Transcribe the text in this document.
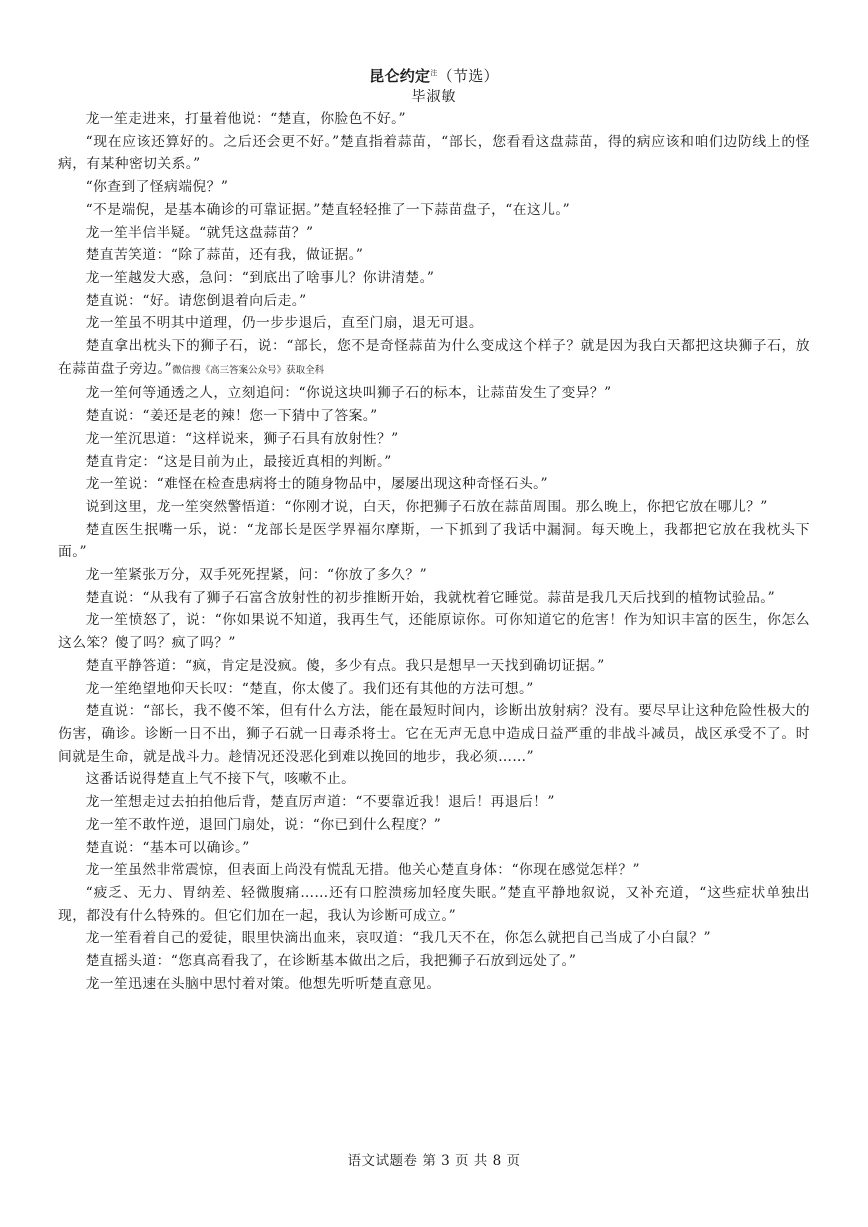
昆仑约定$^注$（节选）
毕淑敏

龙一笙走进来，打量着他说：“楚直，你脸色不好。”

“现在应该还算好的。之后还会更不好。”楚直指着蒜苗，“部长，您看看这盘蒜苗，得的病应该和咱们边防线上的怪病，有某种密切关系。”

“你查到了怪病端倪？”

“不是端倪，是基本确诊的可靠证据。”楚直轻轻推了一下蒜苗盘子，“在这儿。”

龙一笙半信半疑。“就凭这盘蒜苗？”

楚直苦笑道：“除了蒜苗，还有我，做证据。”

龙一笙越发大惑，急问：“到底出了啥事儿？你讲清楚。”

楚直说：“好。请您倒退着向后走。”

龙一笙虽不明其中道理，仍一步步退后，直至门扇，退无可退。

楚直拿出枕头下的狮子石，说：“部长，您不是奇怪蒜苗为什么变成这个样子？就是因为我白天都把这块狮子石，放在蒜苗盘子旁边。”微信搜《高三答案公众号》获取全科

龙一笙何等通透之人，立刻追问：“你说这块叫狮子石的标本，让蒜苗发生了变异？”

楚直说：“姜还是老的辣！您一下猜中了答案。”

龙一笙沉思道：“这样说来，狮子石具有放射性？”

楚直肯定：“这是目前为止，最接近真相的判断。”

龙一笙说：“难怪在检查患病将士的随身物品中，屡屡出现这种奇怪石头。”

说到这里，龙一笙突然警悟道：“你刚才说，白天，你把狮子石放在蒜苗周围。那么晚上，你把它放在哪儿？”

楚直医生抿嘴一乐，说：“龙部长是医学界福尔摩斯，一下抓到了我话中漏洞。每天晚上，我都把它放在我枕头下面。”

龙一笙紧张万分，双手死死捏紧，问：“你放了多久？”

楚直说：“从我有了狮子石富含放射性的初步推断开始，我就枕着它睡觉。蒜苗是我几天后找到的植物试验品。”

龙一笙愤怒了，说：“你如果说不知道，我再生气，还能原谅你。可你知道它的危害！作为知识丰富的医生，你怎么这么笨？傻了吗？疯了吗？”

楚直平静答道：“疯，肯定是没疯。傻，多少有点。我只是想早一天找到确切证据。”

龙一笙绝望地仰天长叹：“楚直，你太傻了。我们还有其他的方法可想。”

楚直说：“部长，我不傻不笨，但有什么方法，能在最短时间内，诊断出放射病？没有。要尽早让这种危险性极大的伤害，确诊。诊断一日不出，狮子石就一日毒杀将士。它在无声无息中造成日益严重的非战斗减员，战区承受不了。时间就是生命，就是战斗力。趁情况还没恶化到难以挽回的地步，我必须……”

这番话说得楚直上气不接下气，咳嗽不止。

龙一笙想走过去拍拍他后背，楚直厉声道：“不要靠近我！退后！再退后！”

龙一笙不敢忤逆，退回门扇处，说：“你已到什么程度？”

楚直说：“基本可以确诊。”

龙一笙虽然非常震惊，但表面上尚没有慌乱无措。他关心楚直身体：“你现在感觉怎样？”

“疲乏、无力、胃纳差、轻微腹痛……还有口腔溃疡加轻度失眠。”楚直平静地叙说，又补充道，“这些症状单独出现，都没有什么特殊的。但它们加在一起，我认为诊断可成立。”

龙一笙看着自己的爱徒，眼里快滴出血来，哀叹道：“我几天不在，你怎么就把自己当成了小白鼠？”

楚直摇头道：“您真高看我了，在诊断基本做出之后，我把狮子石放到远处了。”

龙一笙迅速在头脑中思忖着对策。他想先听听楚直意见。

语文试题卷 第 3 页 共 8 页
